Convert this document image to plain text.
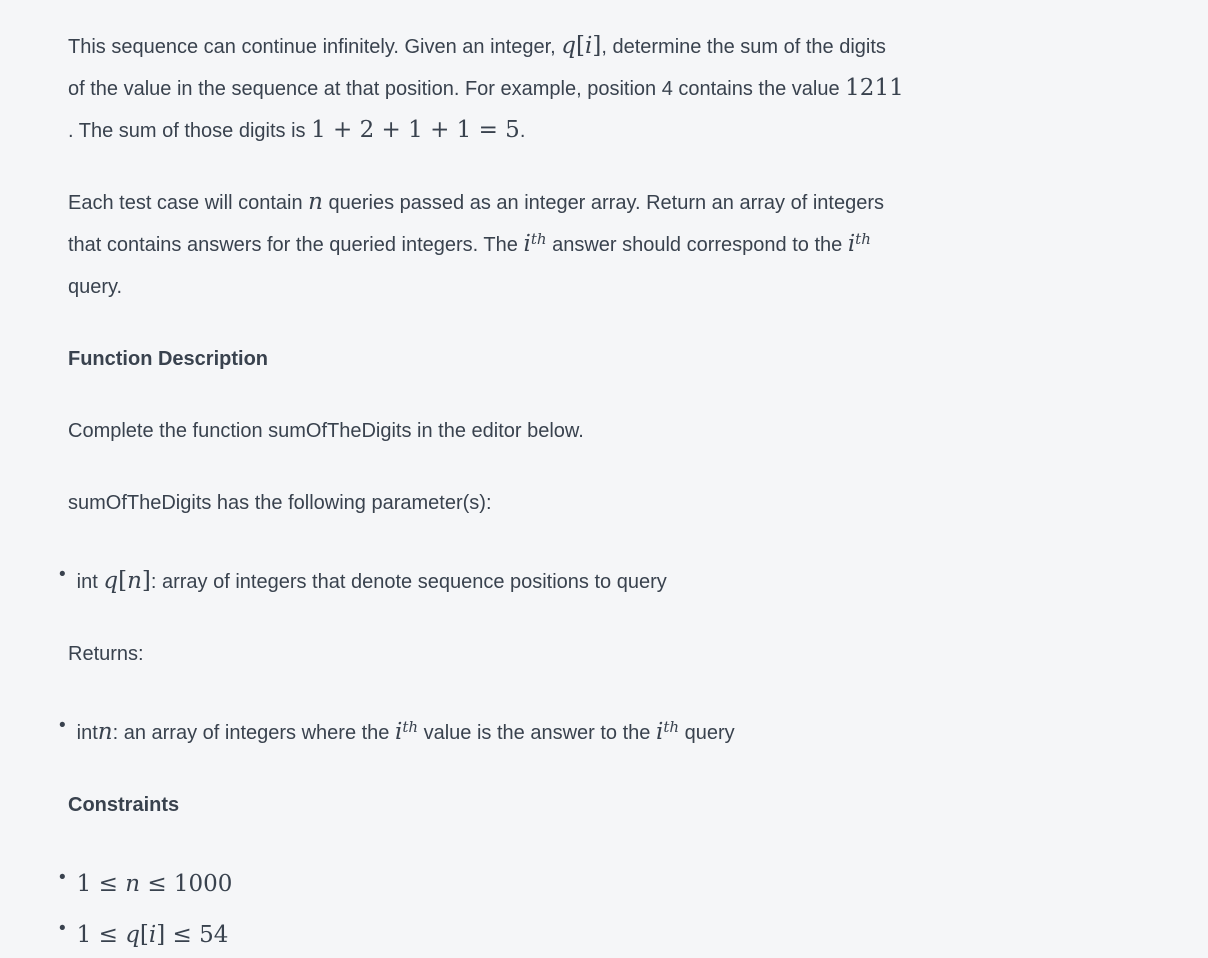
This sequence can continue infinitely. Given an integer, q[i], determine the sum of the digits
of the value in the sequence at that position. For example, position 4 contains the value 1211
. The sum of those digits is 1 + 2 + 1 + 1 = 5.

Each test case will contain n queries passed as an integer array. Return an array of integers
that contains answers for the queried integers. The $i^{th}$ answer should correspond to the $i^{th}$
query.

Function Description

Complete the function sumOfTheDigits in the editor below.

sumOfTheDigits has the following parameter(s):

• int q[n]: array of integers that denote sequence positions to query

Returns:

• intn: an array of integers where the $i^{th}$ value is the answer to the $i^{th}$ query

Constraints

• 1 ≤ n ≤ 1000
• 1 ≤ q[i] ≤ 54
